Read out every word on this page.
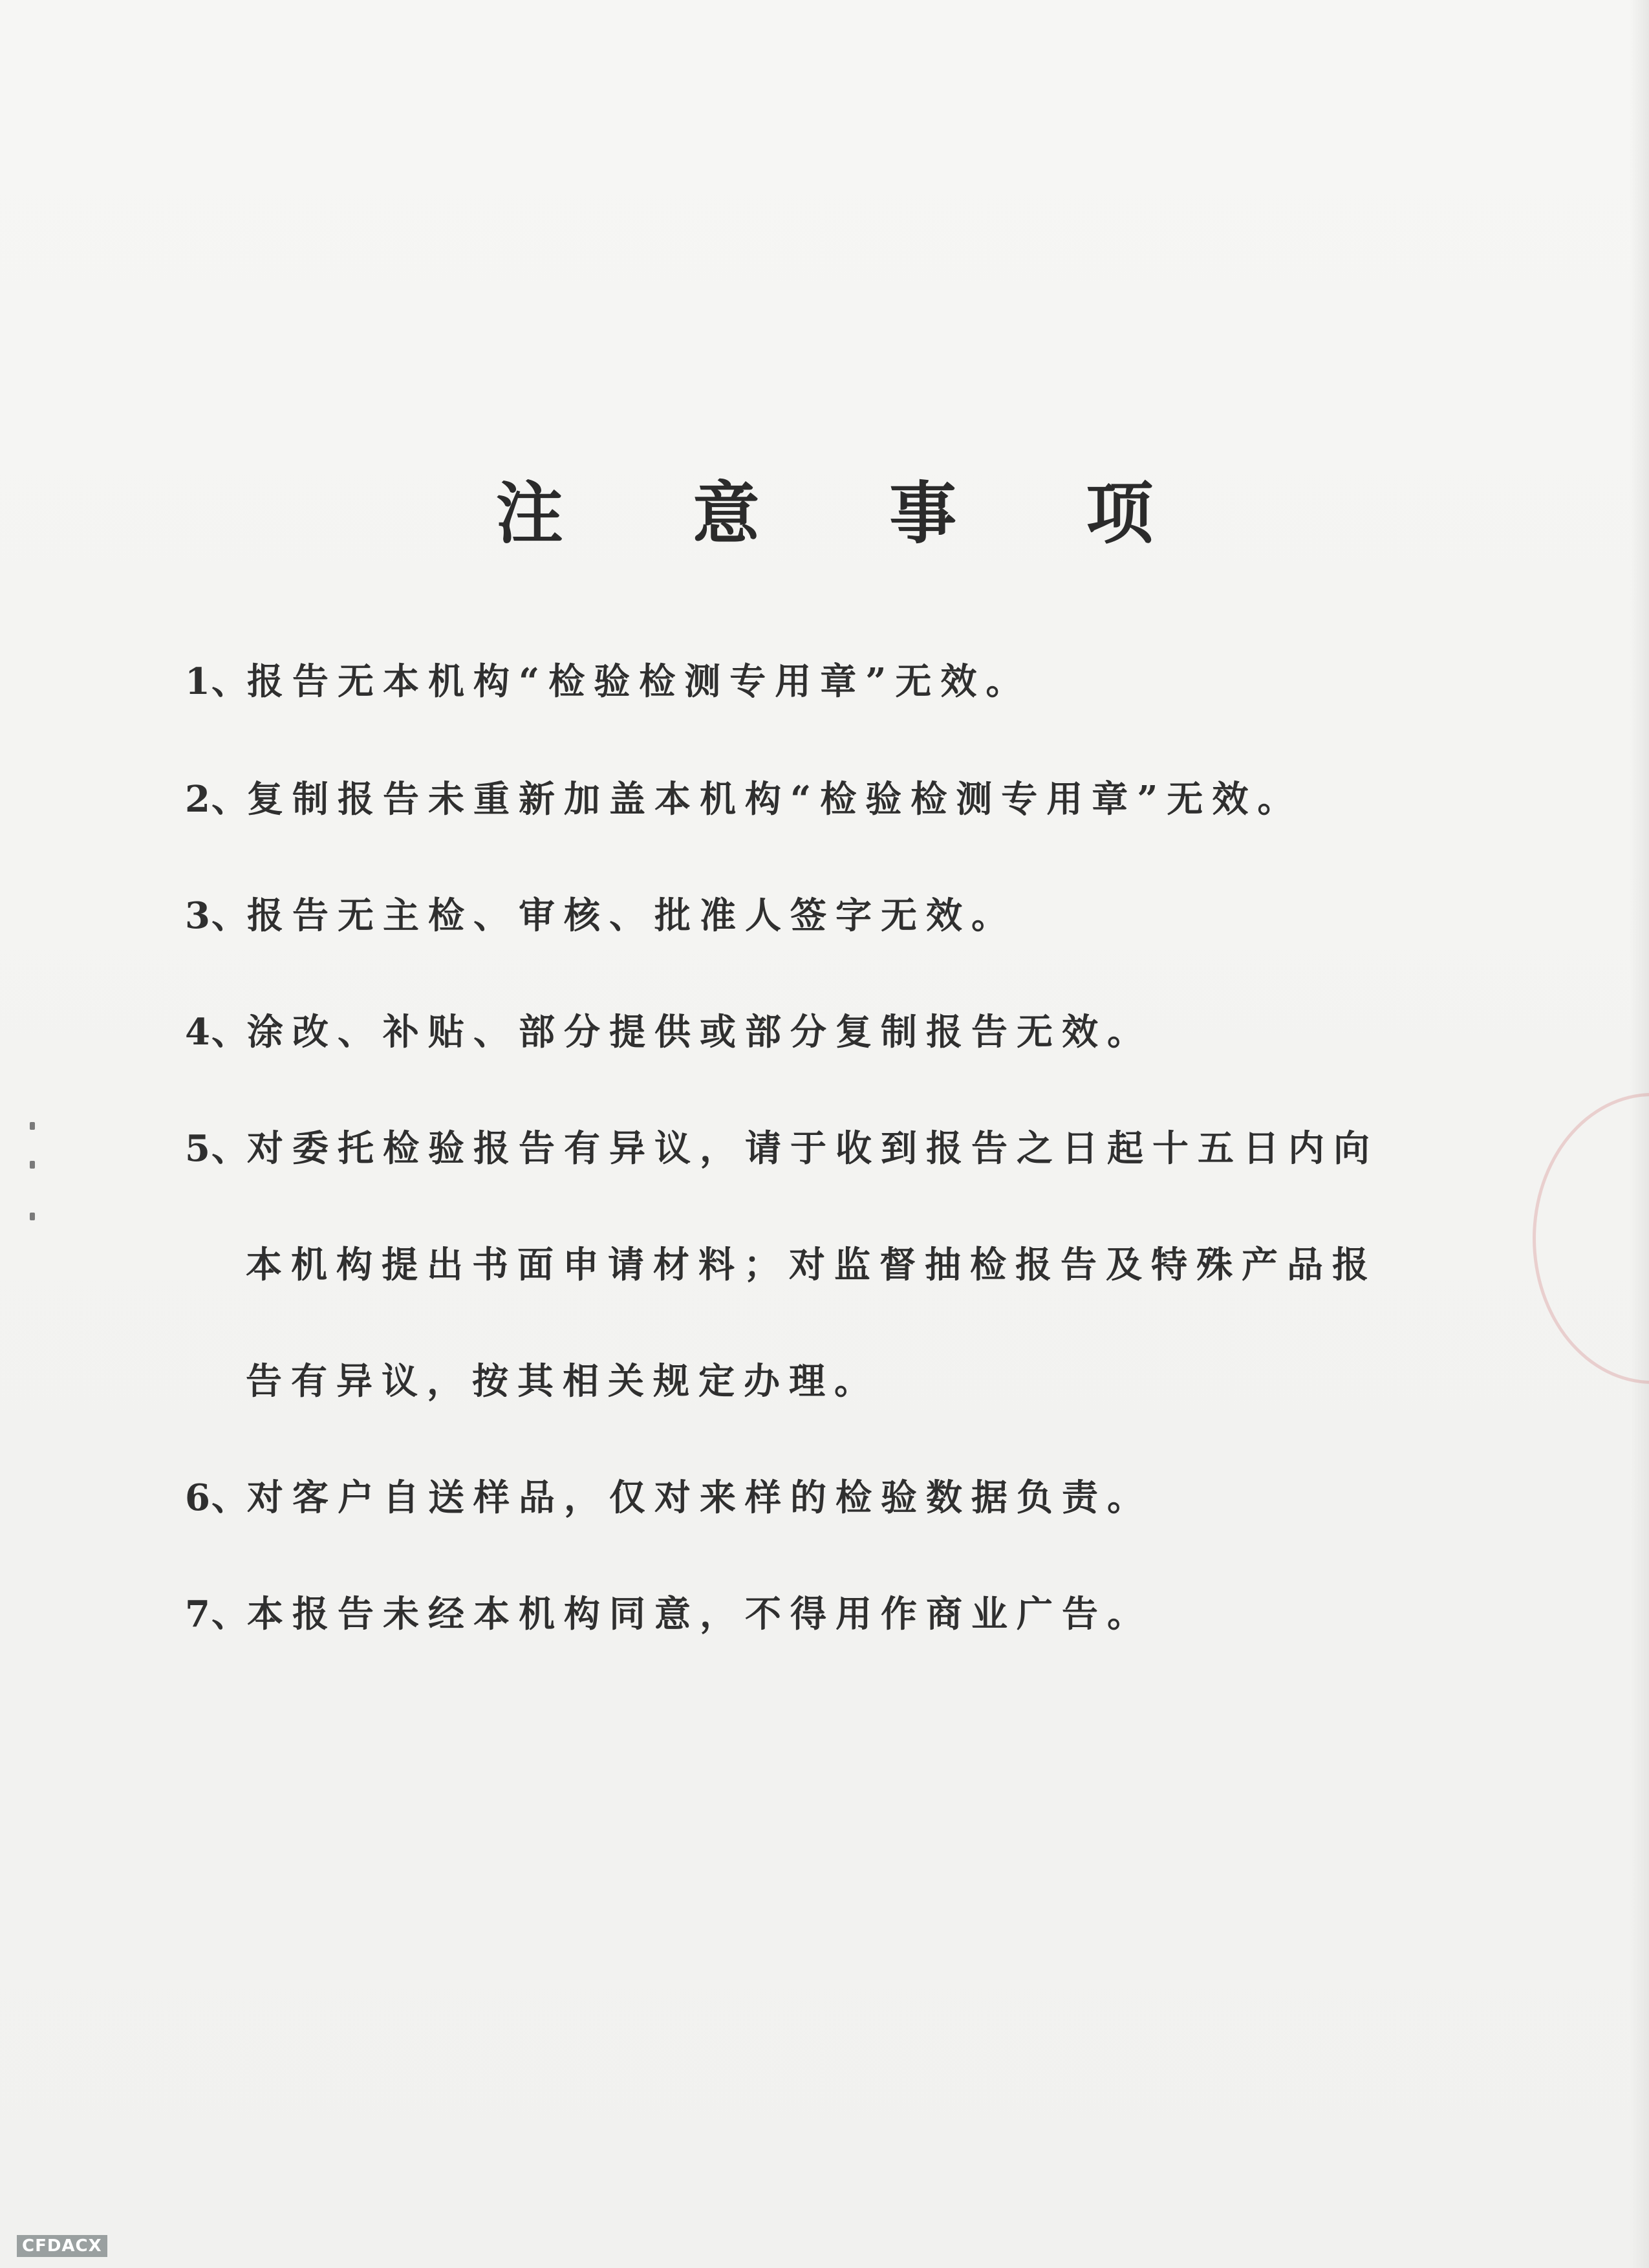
注 意 事 项
1、报告无本机构“检验检测专用章”无效。
2、复制报告未重新加盖本机构“检验检测专用章”无效。
3、报告无主检、审核、批准人签字无效。
4、涂改、补贴、部分提供或部分复制报告无效。
5、对委托检验报告有异议，请于收到报告之日起十五日内向
本机构提出书面申请材料；对监督抽检报告及特殊产品报
告有异议，按其相关规定办理。
6、对客户自送样品，仅对来样的检验数据负责。
7、本报告未经本机构同意，不得用作商业广告。
CFDACX
